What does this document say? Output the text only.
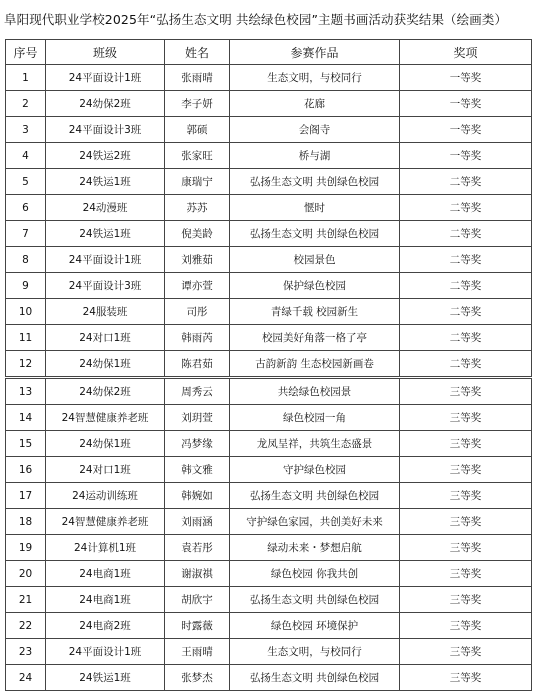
阜阳现代职业学校2025年“弘扬生态文明 共绘绿色校园”主题书画活动获奖结果（绘画类）
序号	班级	姓名	参赛作品	奖项
1	24平面设计1班	张雨晴	生态文明，与校同行	一等奖
2	24幼保2班	李子妍	花廊	一等奖
3	24平面设计3班	郭硕	会阁寺	一等奖
4	24铁运2班	张家旺	桥与湖	一等奖
5	24铁运1班	康瑞宁	弘扬生态文明 共创绿色校园	二等奖
6	24动漫班	苏苏	惬时	二等奖
7	24铁运1班	倪美龄	弘扬生态文明 共创绿色校园	二等奖
8	24平面设计1班	刘雅茹	校园景色	二等奖
9	24平面设计3班	谭亦萱	保护绿色校园	二等奖
10	24服装班	司彤	青绿千载 校园新生	二等奖
11	24对口1班	韩雨芮	校园美好角落一格了亭	二等奖
12	24幼保1班	陈君茹	古韵新韵 生态校园新画卷	二等奖
13	24幼保2班	周秀云	共绘绿色校园景	三等奖
14	24智慧健康养老班	刘玥萱	绿色校园一角	三等奖
15	24幼保1班	冯梦缘	龙凤呈祥，共筑生态盛景	三等奖
16	24对口1班	韩文雅	守护绿色校园	三等奖
17	24运动训练班	韩婉如	弘扬生态文明 共创绿色校园	三等奖
18	24智慧健康养老班	刘雨涵	守护绿色家园，共创美好未来	三等奖
19	24计算机1班	袁若彤	绿动未来・梦想启航	三等奖
20	24电商1班	谢淑祺	绿色校园 你我共创	三等奖
21	24电商1班	胡欣宇	弘扬生态文明 共创绿色校园	三等奖
22	24电商2班	时露薇	绿色校园 环境保护	三等奖
23	24平面设计1班	王雨晴	生态文明，与校同行	三等奖
24	24铁运1班	张梦杰	弘扬生态文明 共创绿色校园	三等奖
